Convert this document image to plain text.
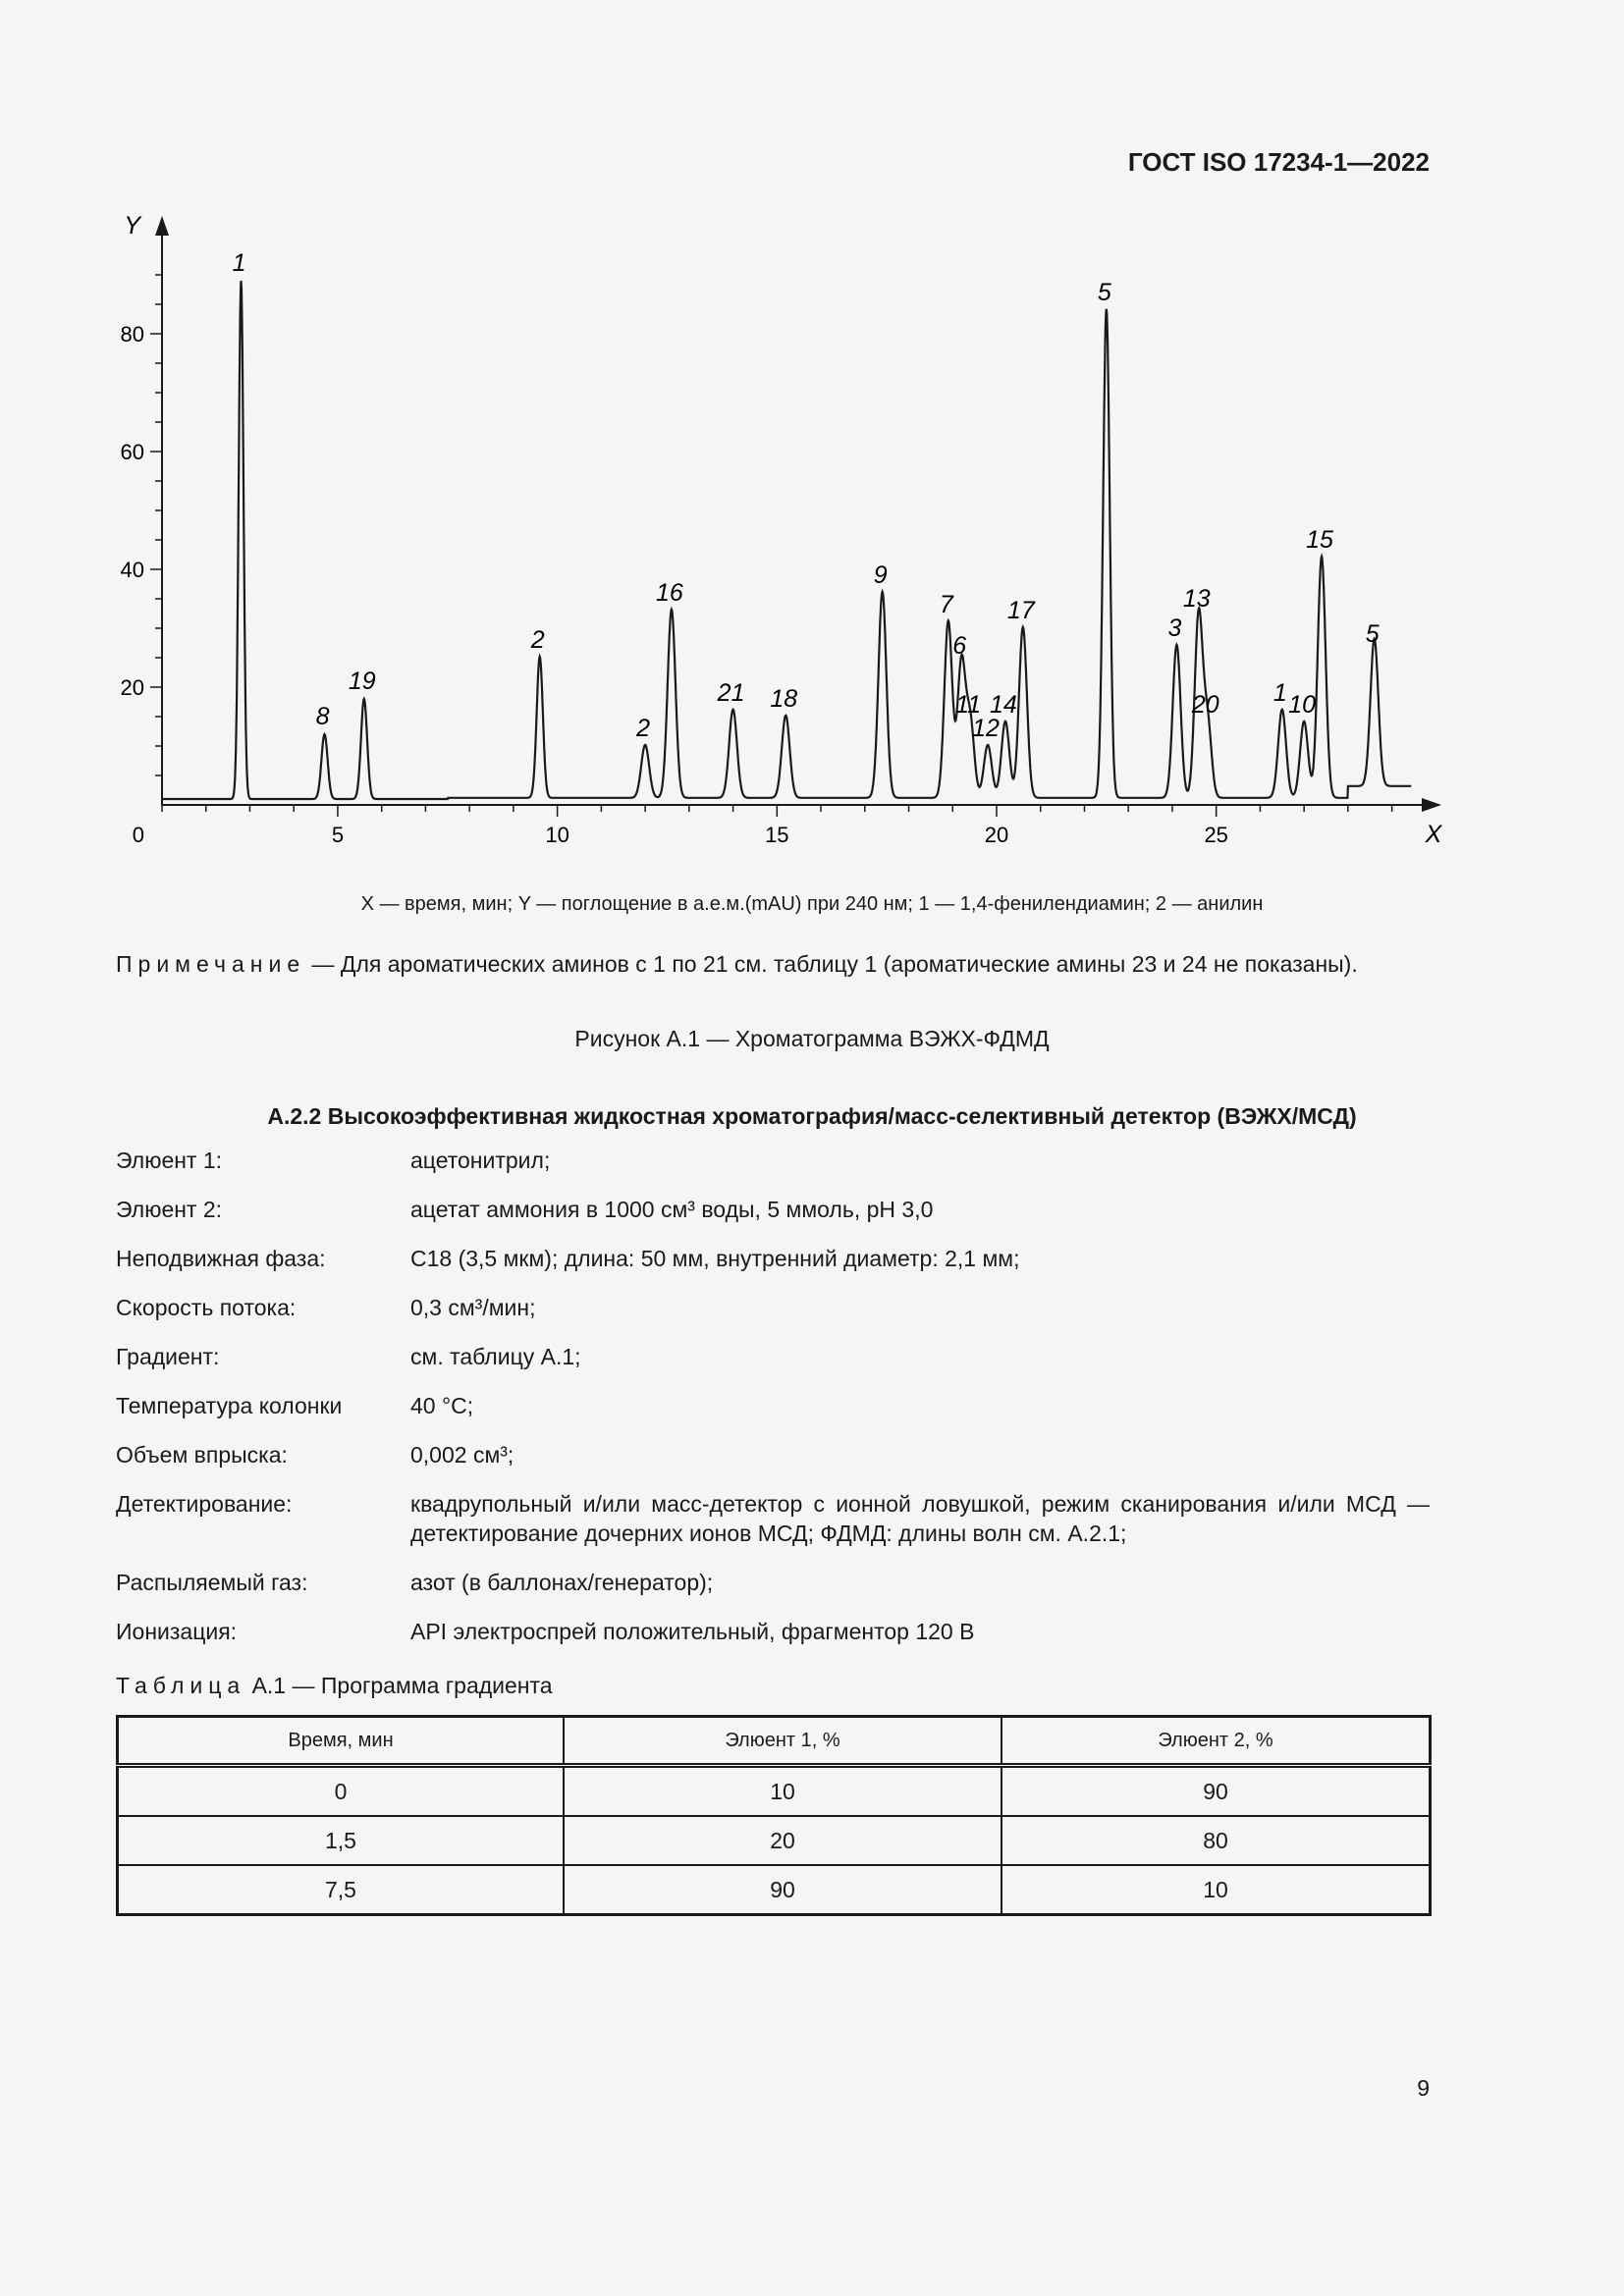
ГОСТ ISO 17234-1—2022
5	10	15	20	25
20
40
60
80
0	X
Y
1
8
19
2
2
16
21 18
9
7
6
11
12
14
17
5
3
13
20 1 10
15
5
X — время, мин; Y — поглощение в а.е.м.(mAU) при 240 нм; 1 — 1,4-фенилендиамин; 2 — анилин
Примечание — Для ароматических аминов с 1 по 21 см. таблицу 1 (ароматические амины 23 и 24 не показаны).
Рисунок А.1 — Хроматограмма ВЭЖХ-ФДМД
А.2.2 Высокоэффективная жидкостная хроматография/масс-селективный детектор (ВЭЖХ/МСД)
Элюент 1:	ацетонитрил;
Элюент 2:	ацетат аммония в 1000 см³ воды, 5 ммоль, pH 3,0
Неподвижная фаза:	C18 (3,5 мкм); длина: 50 мм, внутренний диаметр: 2,1 мм;
Скорость потока:	0,3 см³/мин;
Градиент:	см. таблицу А.1;
Температура колонки	40 °C;
Объем впрыска:	0,002 см³;
Детектирование:	квадрупольный и/или масс-детектор с ионной ловушкой, режим сканирования и/или МСД — детектирование дочерних ионов МСД; ФДМД: длины волн см. А.2.1;
Распыляемый газ:	азот (в баллонах/генератор);
Ионизация:	API электроспрей положительный, фрагментор 120 В
Таблица А.1 — Программа градиента
Время, мин	Элюент 1, %	Элюент 2, %
0	10	90
1,5	20	80
7,5	90	10
9
